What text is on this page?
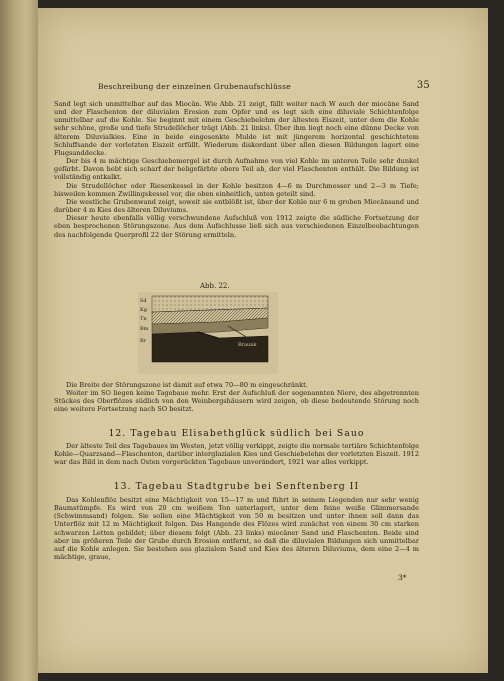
Beschreibung der einzelnen Grubenaufschlüsse	35

Sand legt sich unmittelbar auf das Miocän. Wie Abb. 21 zeigt, fällt weiter nach W auch der miocäne Sand und der Flaschenton der diluvialen Erosion zum Opfer und es legt sich eine diluviale Schichtenfolge unmittelbar auf die Kohle. Sie beginnt mit einem Geschiebelehm der ältesten Eiszeit, unter dem die Kohle sehr schöne, große und tiefe Strudellöcher trägt (Abb. 21 links). Über ihm liegt noch eine dünne Decke von älterem Diluvialkies. Eine in beide eingesenkte Mulde ist mit jüngerem horizontal geschichtetem Schluffsande der vorletzten Eiszeit erfüllt. Wiederum diskordant über allen diesen Bildungen lagert eine Flugsanddecke.

Der bis 4 m mächtige Geschiebemergel ist durch Aufnahme von viel Kohle im unteren Teile sehr dunkel gefärbt. Davon hebt sich scharf der heligefärbte obere Teil ab, der viel Flaschenton enthält. Die Bildung ist vollständig entkalkt.

Die Strudellöcher oder Riesenkessel in der Kohle besitzen 4—6 m Durchmesser und 2—3 m Tiefe; bisweilen kommen Zwillingskessel vor, die oben einheitlich, unten geteilt sind.

Die westliche Grubenwand zeigt, soweit sie entblößt ist, über der Kohle nur 6 m groben Miocänsand und darüber 4 m Kies des älteren Diluviums.

Dieser heute ebenfalls völlig verschwundene Aufschluß von 1912 zeigte die südliche Fortsetzung der eben besprochenen Störungszone. Aus dem Aufschlusse ließ sich aus verschiedenen Einzelbeobachtungen des nachfolgende Querprofil 22 der Störung ermitteln.

Abb. 22.
Sd
Kg
Tn
Bm
Br
Braunk

Die Breite der Störungszone ist damit auf etwa 70—80 m eingeschränkt.

Weiter im SO liegen keine Tagebaue mehr. Erst der Aufschluß der sogenannten Niere, des abgetrennten Stückes des Oberflözes südlich von den Weinbergshäusern wird zeigen, ob diese bedeutende Störung noch eine weitere Fortsetzung nach SO besitzt.

12. Tagebau Elisabethglück südlich bei Sauo

Der älteste Teil des Tagebaues im Westen, jetzt völlig verkippt, zeigte die normale tertiäre Schichtenfolge Kohle—Quarzsand—Flaschenton, darüber interglazialen Kies und Geschiebelehm der vorletzten Eiszeit. 1912 war das Bild in dem nach Osten vorgerückten Tagebaue unverändert, 1921 war alles verkippt.

13. Tagebau Stadtgrube bei Senftenberg II

Das Kohlenflöz besitzt eine Mächtigkeit von 15—17 m und führt in seinem Liegenden nur sehr wenig Baumstümpfe. Es wird von 20 cm weißem Ton unterlagert, unter dem feine weiße Glimmersande (Schwimmsand) folgen. Sie sollen eine Mächtigkeit von 50 m besitzen und unter ihnen soll dann das Unterflöz mit 12 m Mächtigkeit folgen. Das Hangende des Flözes wird zunächst von einem 30 cm starken schwarzen Letten gebildet; über diesem folgt (Abb. 23 links) miocäner Sand und Flaschenton. Beide sind aber im größeren Teile der Grube durch Erosion entfernt, so daß die diluvialen Bildungen sich unmittelbar auf die Kohle anlegen. Sie bestehen aus glazialem Sand und Kies des älteren Diluviums, dem eine 2—4 m mächtige, graue,

3*
